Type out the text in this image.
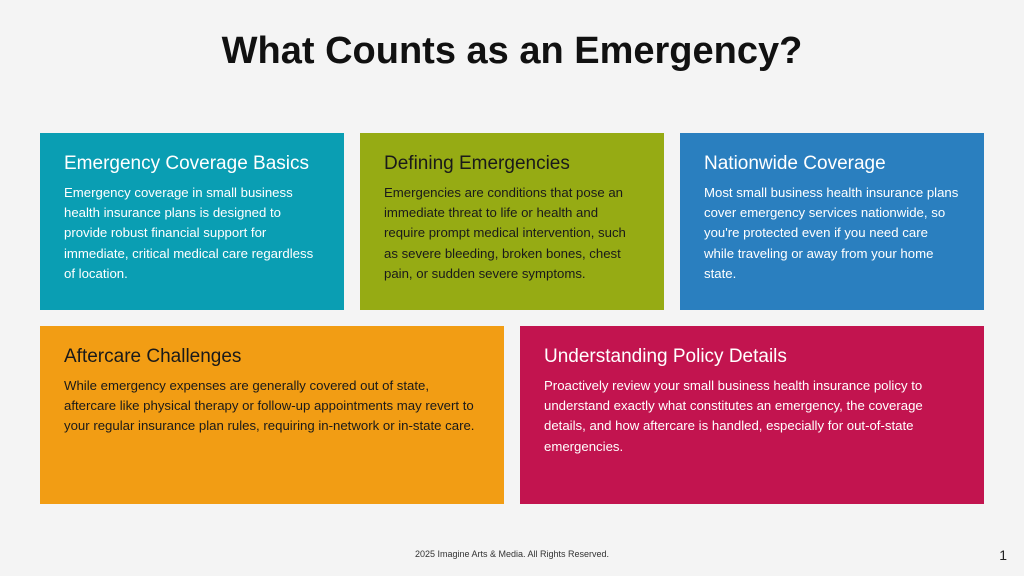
What Counts as an Emergency?
Emergency Coverage Basics

Emergency coverage in small business health insurance plans is designed to provide robust financial support for immediate, critical medical care regardless of location.

Defining Emergencies

Emergencies are conditions that pose an immediate threat to life or health and require prompt medical intervention, such as severe bleeding, broken bones, chest pain, or sudden severe symptoms.

Nationwide Coverage

Most small business health insurance plans cover emergency services nationwide, so you're protected even if you need care while traveling or away from your home state.

Aftercare Challenges

While emergency expenses are generally covered out of state, aftercare like physical therapy or follow-up appointments may revert to your regular insurance plan rules, requiring in-network or in-state care.

Understanding Policy Details

Proactively review your small business health insurance policy to understand exactly what constitutes an emergency, the coverage details, and how aftercare is handled, especially for out-of-state emergencies.

2025 Imagine Arts & Media. All Rights Reserved.	1
